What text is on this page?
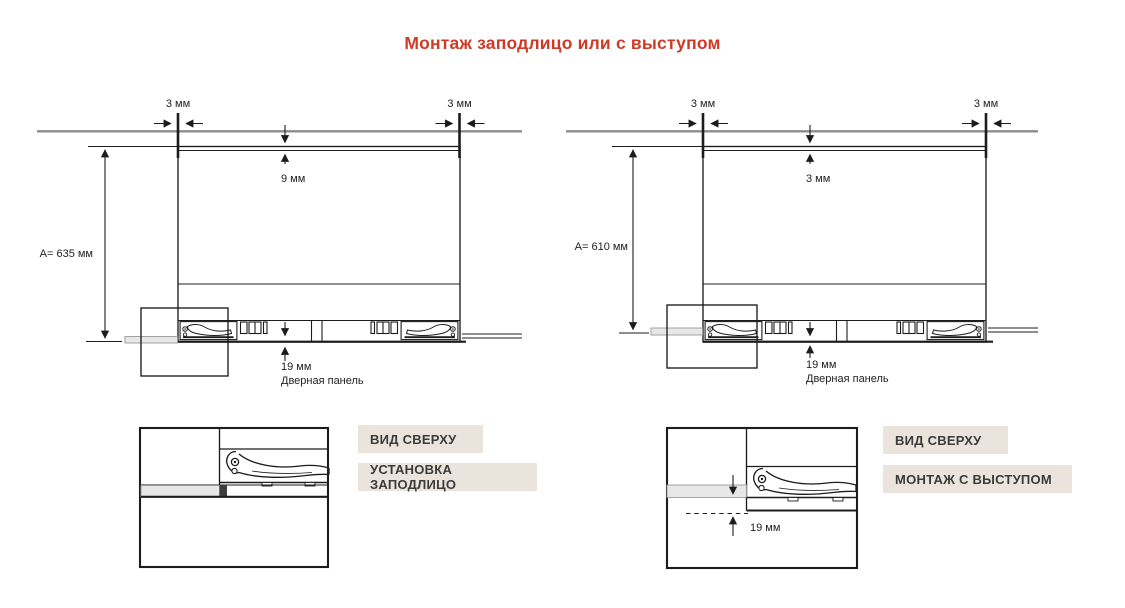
Монтаж заподлицо или с выступом
3 мм	3 мм
9 мм
A= 635 мм
19 мм
Дверная панель
3 мм	3 мм
3 мм
A= 610 мм
19 мм
Дверная панель
19 мм
ВИД СВЕРХУ
УСТАНОВКА ЗАПОДЛИЦО
ВИД СВЕРХУ
МОНТАЖ С ВЫСТУПОМ
